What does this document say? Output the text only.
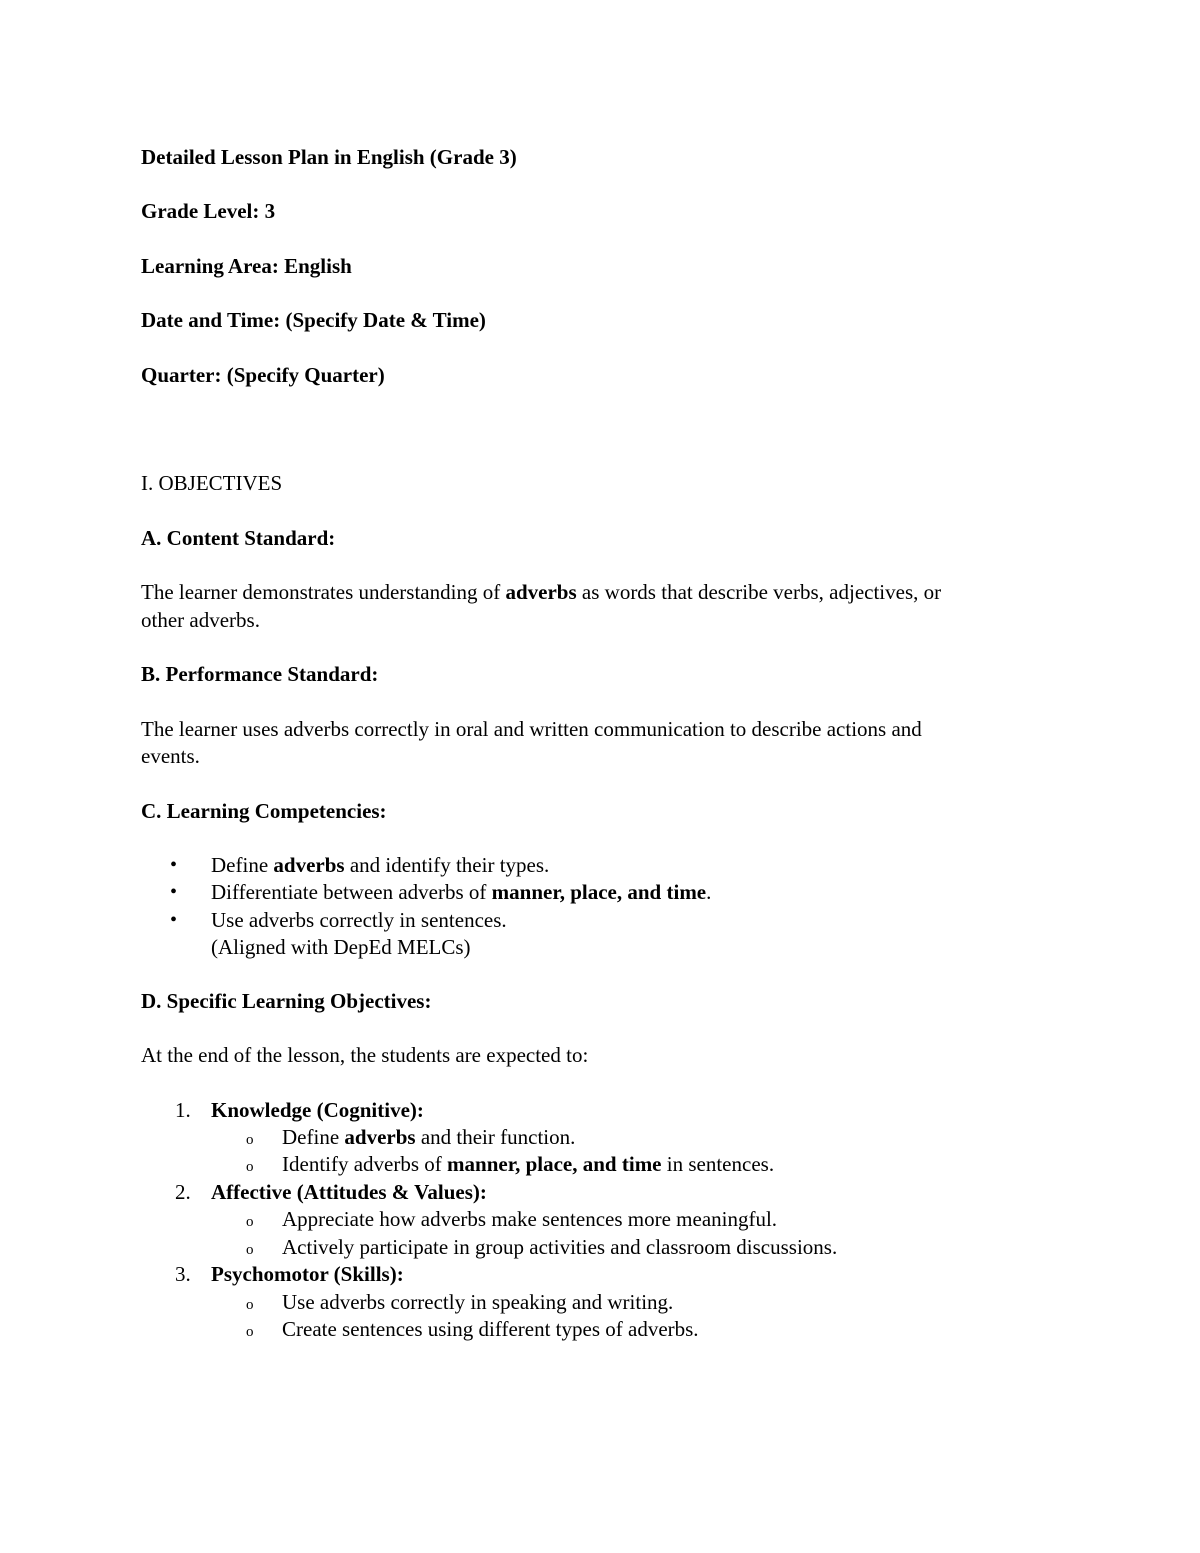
Detailed Lesson Plan in English (Grade 3)
Grade Level: 3
Learning Area: English
Date and Time: (Specify Date & Time)
Quarter: (Specify Quarter)
I. OBJECTIVES
A. Content Standard:
The learner demonstrates understanding of adverbs as words that describe verbs, adjectives, or
other adverbs.
B. Performance Standard:
The learner uses adverbs correctly in oral and written communication to describe actions and
events.
C. Learning Competencies:
• Define adverbs and identify their types.
• Differentiate between adverbs of manner, place, and time.
• Use adverbs correctly in sentences.
(Aligned with DepEd MELCs)
D. Specific Learning Objectives:
At the end of the lesson, the students are expected to:
1. Knowledge (Cognitive):
o Define adverbs and their function.
o Identify adverbs of manner, place, and time in sentences.
2. Affective (Attitudes & Values):
o Appreciate how adverbs make sentences more meaningful.
o Actively participate in group activities and classroom discussions.
3. Psychomotor (Skills):
o Use adverbs correctly in speaking and writing.
o Create sentences using different types of adverbs.
